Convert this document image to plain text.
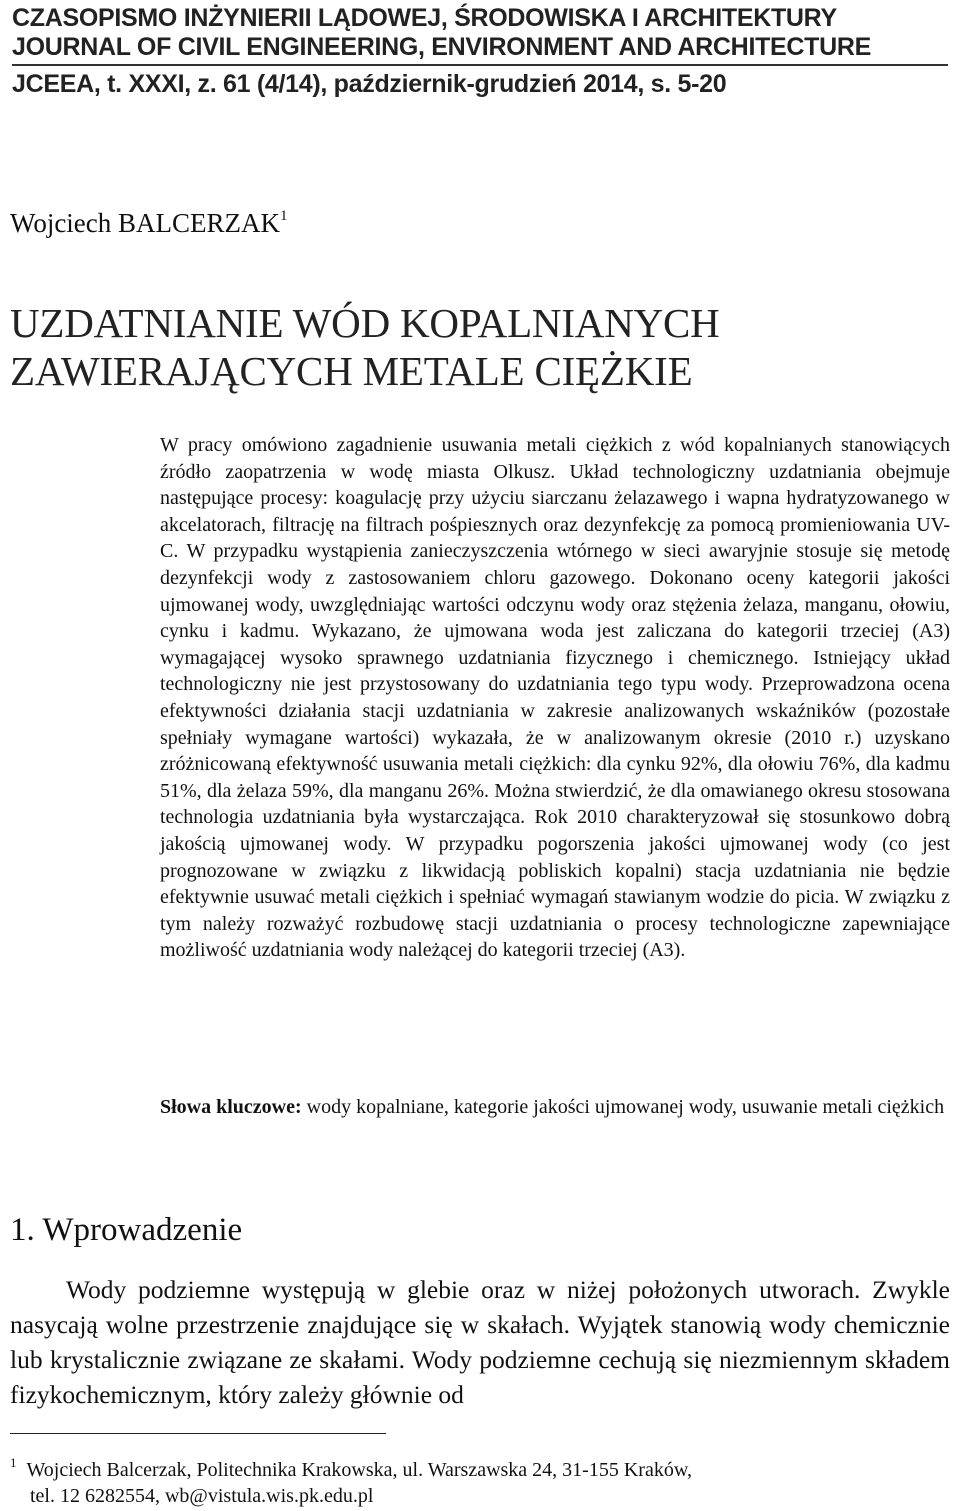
CZASOPISMO INŻYNIERII LĄDOWEJ, ŚRODOWISKA I ARCHITEKTURY
JOURNAL OF CIVIL ENGINEERING, ENVIRONMENT AND ARCHITECTURE
JCEEA, t. XXXI, z. 61 (4/14), październik-grudzień 2014, s. 5-20
Wojciech BALCERZAK$^1$
UZDATNIANIE WÓD KOPALNIANYCH
ZAWIERAJĄCYCH METALE CIĘŻKIE
W pracy omówiono zagadnienie usuwania metali ciężkich z wód kopalnianych stanowiących źródło zaopatrzenia w wodę miasta Olkusz. Układ technologiczny uzdatniania obejmuje następujące procesy: koagulację przy użyciu siarczanu żelazawego i wapna hydratyzowanego w akcelatorach, filtrację na filtrach pośpiesznych oraz dezynfekcję za pomocą promieniowania UV-C. W przypadku wystąpienia zanieczyszczenia wtórnego w sieci awaryjnie stosuje się metodę dezynfekcji wody z zastosowaniem chloru gazowego. Dokonano oceny kategorii jakości ujmowanej wody, uwzględniając wartości odczynu wody oraz stężenia żelaza, manganu, ołowiu, cynku i kadmu. Wykazano, że ujmowana woda jest zaliczana do kategorii trzeciej (A3) wymagającej wysoko sprawnego uzdatniania fizycznego i chemicznego. Istniejący układ technologiczny nie jest przystosowany do uzdatniania tego typu wody. Przeprowadzona ocena efektywności działania stacji uzdatniania w zakresie analizowanych wskaźników (pozostałe spełniały wymagane wartości) wykazała, że w analizowanym okresie (2010 r.) uzyskano zróżnicowaną efektywność usuwania metali ciężkich: dla cynku 92%, dla ołowiu 76%, dla kadmu 51%, dla żelaza 59%, dla manganu 26%. Można stwierdzić, że dla omawianego okresu stosowana technologia uzdatniania była wystarczająca. Rok 2010 charakteryzował się stosunkowo dobrą jakością ujmowanej wody. W przypadku pogorszenia jakości ujmowanej wody (co jest prognozowane w związku z likwidacją pobliskich kopalni) stacja uzdatniania nie będzie efektywnie usuwać metali ciężkich i spełniać wymagań stawianym wodzie do picia. W związku z tym należy rozważyć rozbudowę stacji uzdatniania o procesy technologiczne zapewniające możliwość uzdatniania wody należącej do kategorii trzeciej (A3).
Słowa kluczowe: wody kopalniane, kategorie jakości ujmowanej wody, usuwanie metali ciężkich
1. Wprowadzenie

Wody podziemne występują w glebie oraz w niżej położonych utworach. Zwykle nasycają wolne przestrzenie znajdujące się w skałach. Wyjątek stanowią wody chemicznie lub krystalicznie związane ze skałami. Wody podziemne cechują się niezmiennym składem fizykochemicznym, który zależy głównie od

$^1$ Wojciech Balcerzak, Politechnika Krakowska, ul. Warszawska 24, 31-155 Kraków,
tel. 12 6282554, wb@vistula.wis.pk.edu.pl
